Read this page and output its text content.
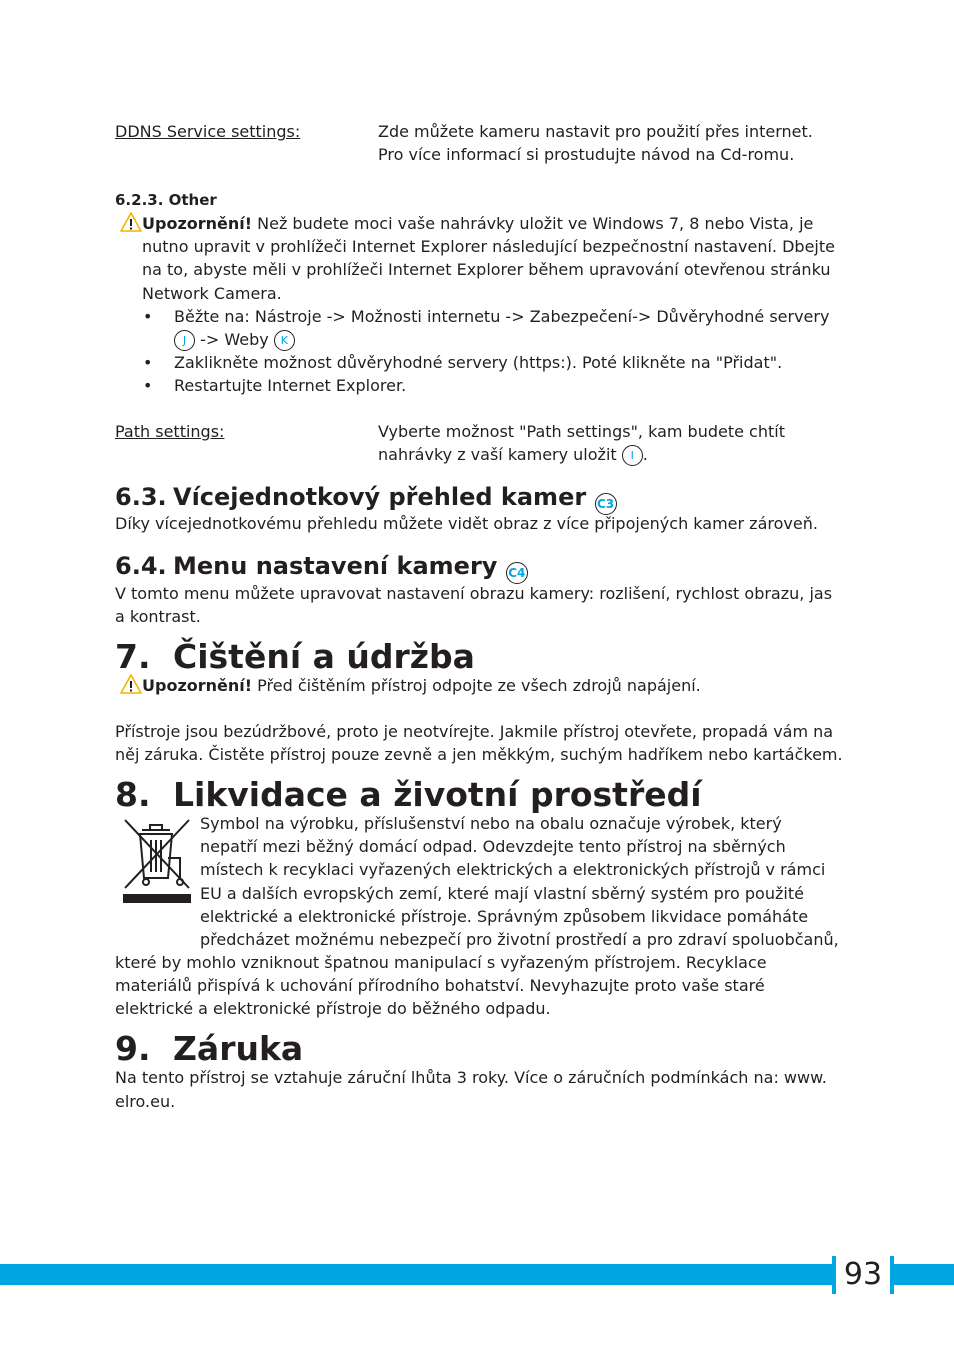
DDNS Service settings:	Zde můžete kameru nastavit pro použití přes internet.
Pro více informací si prostudujte návod na Cd-romu.
6.2.3. Other
Upozornění! Než budete moci vaše nahrávky uložit ve Windows 7, 8 nebo Vista, je
nutno upravit v prohlížeči Internet Explorer následující bezpečnostní nastavení. Dbejte
na to, abyste měli v prohlížeči Internet Explorer během upravování otevřenou stránku
Network Camera.
• Běžte na: Nástroje -> Možnosti internetu -> Zabezpečení-> Důvěryhodné servery
J -> Weby K
• Zaklikněte možnost důvěryhodné servery (https:). Poté klikněte na "Přidat".
• Restartujte Internet Explorer.
Path settings:	Vyberte možnost "Path settings", kam budete chtít
nahrávky z vaší kamery uložit I .
6.3. Vícejednotkový přehled kamer C3
Díky vícejednotkovému přehledu můžete vidět obraz z více připojených kamer zároveň.
6.4. Menu nastavení kamery C4
V tomto menu můžete upravovat nastavení obrazu kamery: rozlišení, rychlost obrazu, jas
a kontrast.
7. Čištění a údržba
Upozornění! Před čištěním přístroj odpojte ze všech zdrojů napájení.
Přístroje jsou bezúdržbové, proto je neotvírejte. Jakmile přístroj otevřete, propadá vám na
něj záruka. Čistěte přístroj pouze zevně a jen měkkým, suchým hadříkem nebo kartáčkem.
8. Likvidace a životní prostředí
Symbol na výrobku, příslušenství nebo na obalu označuje výrobek, který
nepatří mezi běžný domácí odpad. Odevzdejte tento přístroj na sběrných
místech k recyklaci vyřazených elektrických a elektronických přístrojů v rámci
EU a dalších evropských zemí, které mají vlastní sběrný systém pro použité
elektrické a elektronické přístroje. Správným způsobem likvidace pomáháte
předcházet možnému nebezpečí pro životní prostředí a pro zdraví spoluobčanů,
které by mohlo vzniknout špatnou manipulací s vyřazeným přístrojem. Recyklace
materiálů přispívá k uchování přírodního bohatství. Nevyhazujte proto vaše staré
elektrické a elektronické přístroje do běžného odpadu.
9. Záruka
Na tento přístroj se vztahuje záruční lhůta 3 roky. Více o záručních podmínkách na: www.
elro.eu.
93
